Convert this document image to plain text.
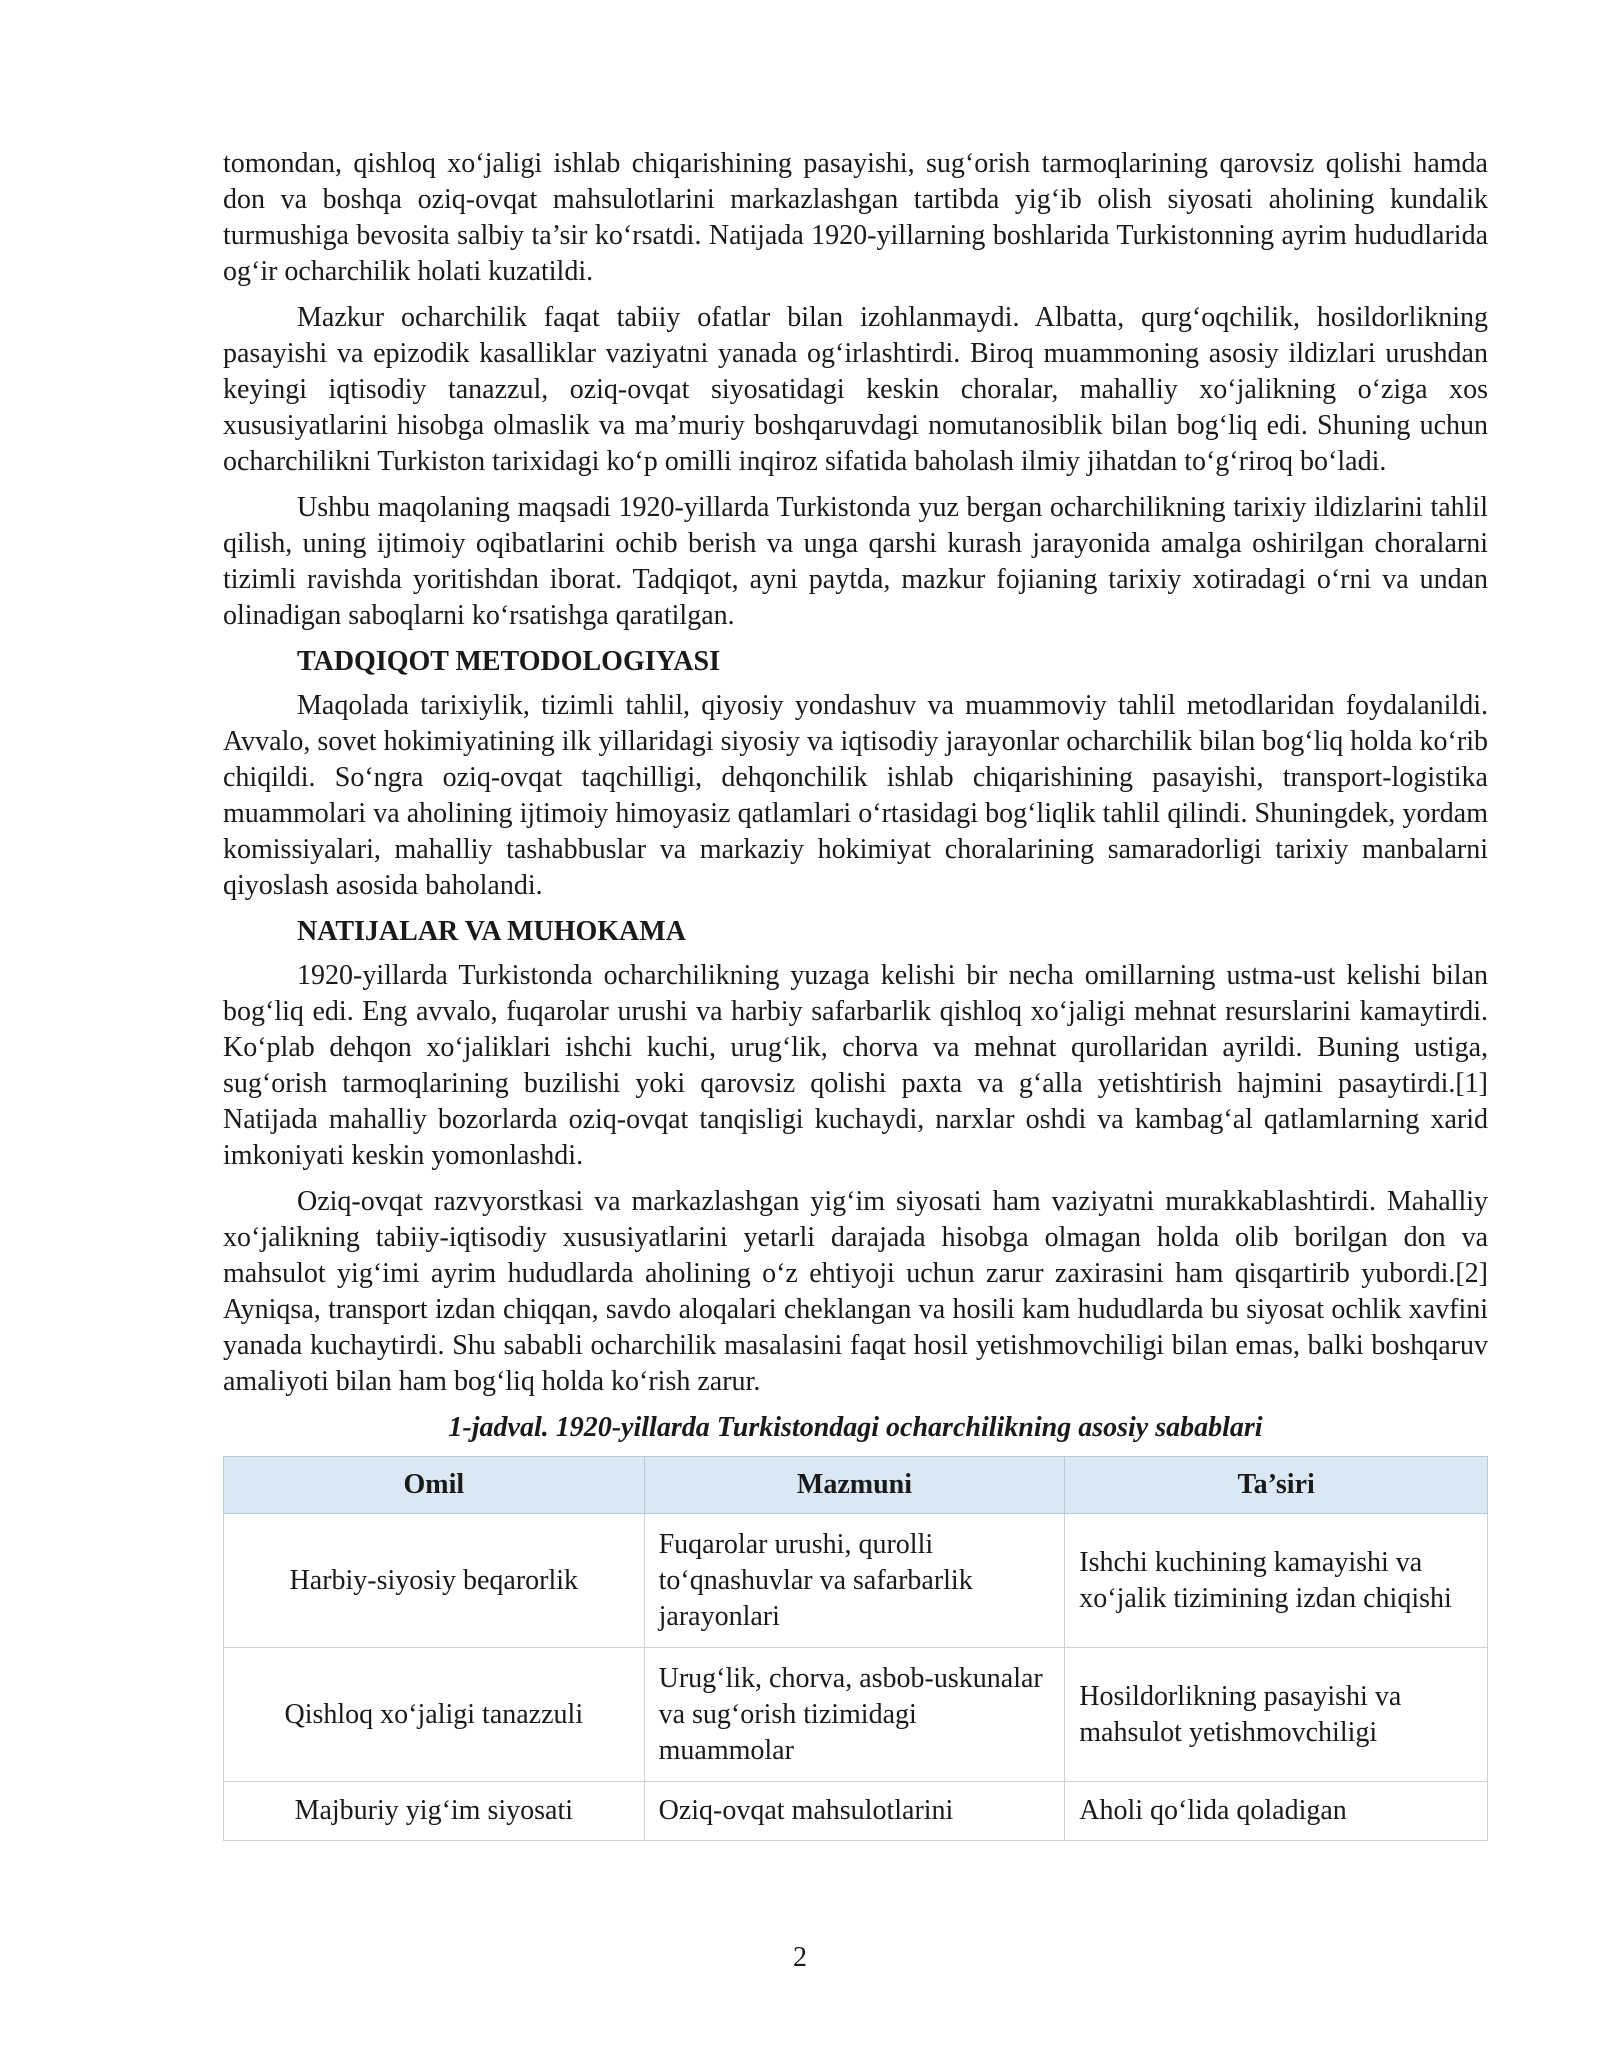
tomondan, qishloq xo‘jaligi ishlab chiqarishining pasayishi, sug‘orish tarmoqlarining qarovsiz qolishi hamda don va boshqa oziq-ovqat mahsulotlarini markazlashgan tartibda yig‘ib olish siyosati aholining kundalik turmushiga bevosita salbiy ta’sir ko‘rsatdi. Natijada 1920-yillarning boshlarida Turkistonning ayrim hududlarida og‘ir ocharchilik holati kuzatildi.

Mazkur ocharchilik faqat tabiiy ofatlar bilan izohlanmaydi. Albatta, qurg‘oqchilik, hosildorlikning pasayishi va epizodik kasalliklar vaziyatni yanada og‘irlashtirdi. Biroq muammoning asosiy ildizlari urushdan keyingi iqtisodiy tanazzul, oziq-ovqat siyosatidagi keskin choralar, mahalliy xo‘jalikning o‘ziga xos xususiyatlarini hisobga olmaslik va ma’muriy boshqaruvdagi nomutanosiblik bilan bog‘liq edi. Shuning uchun ocharchilikni Turkiston tarixidagi ko‘p omilli inqiroz sifatida baholash ilmiy jihatdan to‘g‘riroq bo‘ladi.

Ushbu maqolaning maqsadi 1920-yillarda Turkistonda yuz bergan ocharchilikning tarixiy ildizlarini tahlil qilish, uning ijtimoiy oqibatlarini ochib berish va unga qarshi kurash jarayonida amalga oshirilgan choralarni tizimli ravishda yoritishdan iborat. Tadqiqot, ayni paytda, mazkur fojianing tarixiy xotiradagi o‘rni va undan olinadigan saboqlarni ko‘rsatishga qaratilgan.

TADQIQOT METODOLOGIYASI

Maqolada tarixiylik, tizimli tahlil, qiyosiy yondashuv va muammoviy tahlil metodlaridan foydalanildi. Avvalo, sovet hokimiyatining ilk yillaridagi siyosiy va iqtisodiy jarayonlar ocharchilik bilan bog‘liq holda ko‘rib chiqildi. So‘ngra oziq-ovqat taqchilligi, dehqonchilik ishlab chiqarishining pasayishi, transport-logistika muammolari va aholining ijtimoiy himoyasiz qatlamlari o‘rtasidagi bog‘liqlik tahlil qilindi. Shuningdek, yordam komissiyalari, mahalliy tashabbuslar va markaziy hokimiyat choralarining samaradorligi tarixiy manbalarni qiyoslash asosida baholandi.

NATIJALAR VA MUHOKAMA

1920-yillarda Turkistonda ocharchilikning yuzaga kelishi bir necha omillarning ustma-ust kelishi bilan bog‘liq edi. Eng avvalo, fuqarolar urushi va harbiy safarbarlik qishloq xo‘jaligi mehnat resurslarini kamaytirdi. Ko‘plab dehqon xo‘jaliklari ishchi kuchi, urug‘lik, chorva va mehnat qurollaridan ayrildi. Buning ustiga, sug‘orish tarmoqlarining buzilishi yoki qarovsiz qolishi paxta va g‘alla yetishtirish hajmini pasaytirdi.[1] Natijada mahalliy bozorlarda oziq-ovqat tanqisligi kuchaydi, narxlar oshdi va kambag‘al qatlamlarning xarid imkoniyati keskin yomonlashdi.

Oziq-ovqat razvyorstkasi va markazlashgan yig‘im siyosati ham vaziyatni murakkablashtirdi. Mahalliy xo‘jalikning tabiiy-iqtisodiy xususiyatlarini yetarli darajada hisobga olmagan holda olib borilgan don va mahsulot yig‘imi ayrim hududlarda aholining o‘z ehtiyoji uchun zarur zaxirasini ham qisqartirib yubordi.[2] Ayniqsa, transport izdan chiqqan, savdo aloqalari cheklangan va hosili kam hududlarda bu siyosat ochlik xavfini yanada kuchaytirdi. Shu sababli ocharchilik masalasini faqat hosil yetishmovchiligi bilan emas, balki boshqaruv amaliyoti bilan ham bog‘liq holda ko‘rish zarur.

1-jadval. 1920-yillarda Turkistondagi ocharchilikning asosiy sabablari
Omil	Mazmuni	Ta’siri
Harbiy-siyosiy beqarorlik	Fuqarolar urushi, qurolli to‘qnashuvlar va safarbarlik jarayonlari	Ishchi kuchining kamayishi va xo‘jalik tizimining izdan chiqishi
Qishloq xo‘jaligi tanazzuli	Urug‘lik, chorva, asbob-uskunalar va sug‘orish tizimidagi muammolar	Hosildorlikning pasayishi va mahsulot yetishmovchiligi
Majburiy yig‘im siyosati	Oziq-ovqat mahsulotlarini	Aholi qo‘lida qoladigan
2
